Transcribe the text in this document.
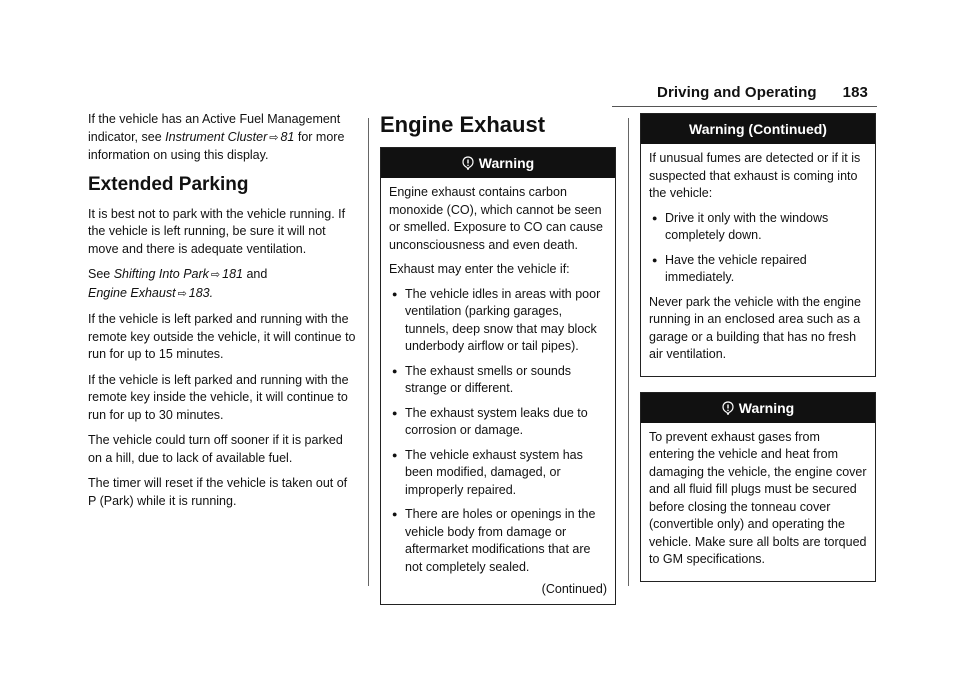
Driving and Operating 183

If the vehicle has an Active Fuel Management indicator, see Instrument Cluster ⇨ 81 for more information on using this display.

Extended Parking

It is best not to park with the vehicle running. If the vehicle is left running, be sure it will not move and there is adequate ventilation.

See Shifting Into Park ⇨ 181 and
Engine Exhaust ⇨ 183.

If the vehicle is left parked and running with the remote key outside the vehicle, it will continue to run for up to 15 minutes.

If the vehicle is left parked and running with the remote key inside the vehicle, it will continue to run for up to 30 minutes.

The vehicle could turn off sooner if it is parked on a hill, due to lack of available fuel.

The timer will reset if the vehicle is taken out of P (Park) while it is running.

Engine Exhaust
Warning

Engine exhaust contains carbon monoxide (CO), which cannot be seen or smelled. Exposure to CO can cause unconsciousness and even death.

Exhaust may enter the vehicle if:

● The vehicle idles in areas with poor ventilation (parking garages, tunnels, deep snow that may block underbody airflow or tail pipes).
● The exhaust smells or sounds strange or different.
● The exhaust system leaks due to corrosion or damage.
● The vehicle exhaust system has been modified, damaged, or improperly repaired.
● There are holes or openings in the vehicle body from damage or aftermarket modifications that are not completely sealed.
(Continued)
Warning (Continued)

If unusual fumes are detected or if it is suspected that exhaust is coming into the vehicle:

● Drive it only with the windows completely down.
● Have the vehicle repaired immediately.

Never park the vehicle with the engine running in an enclosed area such as a garage or a building that has no fresh air ventilation.

Warning

To prevent exhaust gases from entering the vehicle and heat from damaging the vehicle, the engine cover and all fluid fill plugs must be secured before closing the tonneau cover (convertible only) and operating the vehicle. Make sure all bolts are torqued to GM specifications.
